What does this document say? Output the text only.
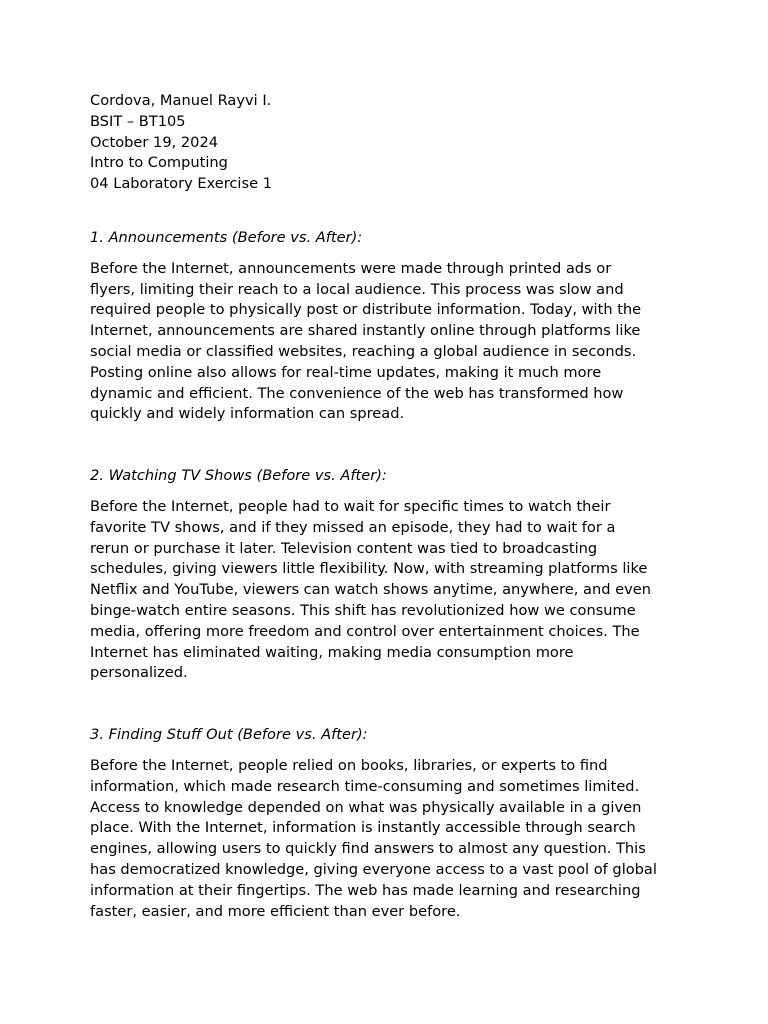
Cordova, Manuel Rayvi I.

BSIT – BT105

October 19, 2024

Intro to Computing

04 Laboratory Exercise 1

1. Announcements (Before vs. After):

Before the Internet, announcements were made through printed ads or
flyers, limiting their reach to a local audience. This process was slow and
required people to physically post or distribute information. Today, with the
Internet, announcements are shared instantly online through platforms like
social media or classified websites, reaching a global audience in seconds.
Posting online also allows for real-time updates, making it much more
dynamic and efficient. The convenience of the web has transformed how
quickly and widely information can spread.

2. Watching TV Shows (Before vs. After):

Before the Internet, people had to wait for specific times to watch their
favorite TV shows, and if they missed an episode, they had to wait for a
rerun or purchase it later. Television content was tied to broadcasting
schedules, giving viewers little flexibility. Now, with streaming platforms like
Netflix and YouTube, viewers can watch shows anytime, anywhere, and even
binge-watch entire seasons. This shift has revolutionized how we consume
media, offering more freedom and control over entertainment choices. The
Internet has eliminated waiting, making media consumption more
personalized.

3. Finding Stuff Out (Before vs. After):

Before the Internet, people relied on books, libraries, or experts to find
information, which made research time-consuming and sometimes limited.
Access to knowledge depended on what was physically available in a given
place. With the Internet, information is instantly accessible through search
engines, allowing users to quickly find answers to almost any question. This
has democratized knowledge, giving everyone access to a vast pool of global
information at their fingertips. The web has made learning and researching
faster, easier, and more efficient than ever before.
